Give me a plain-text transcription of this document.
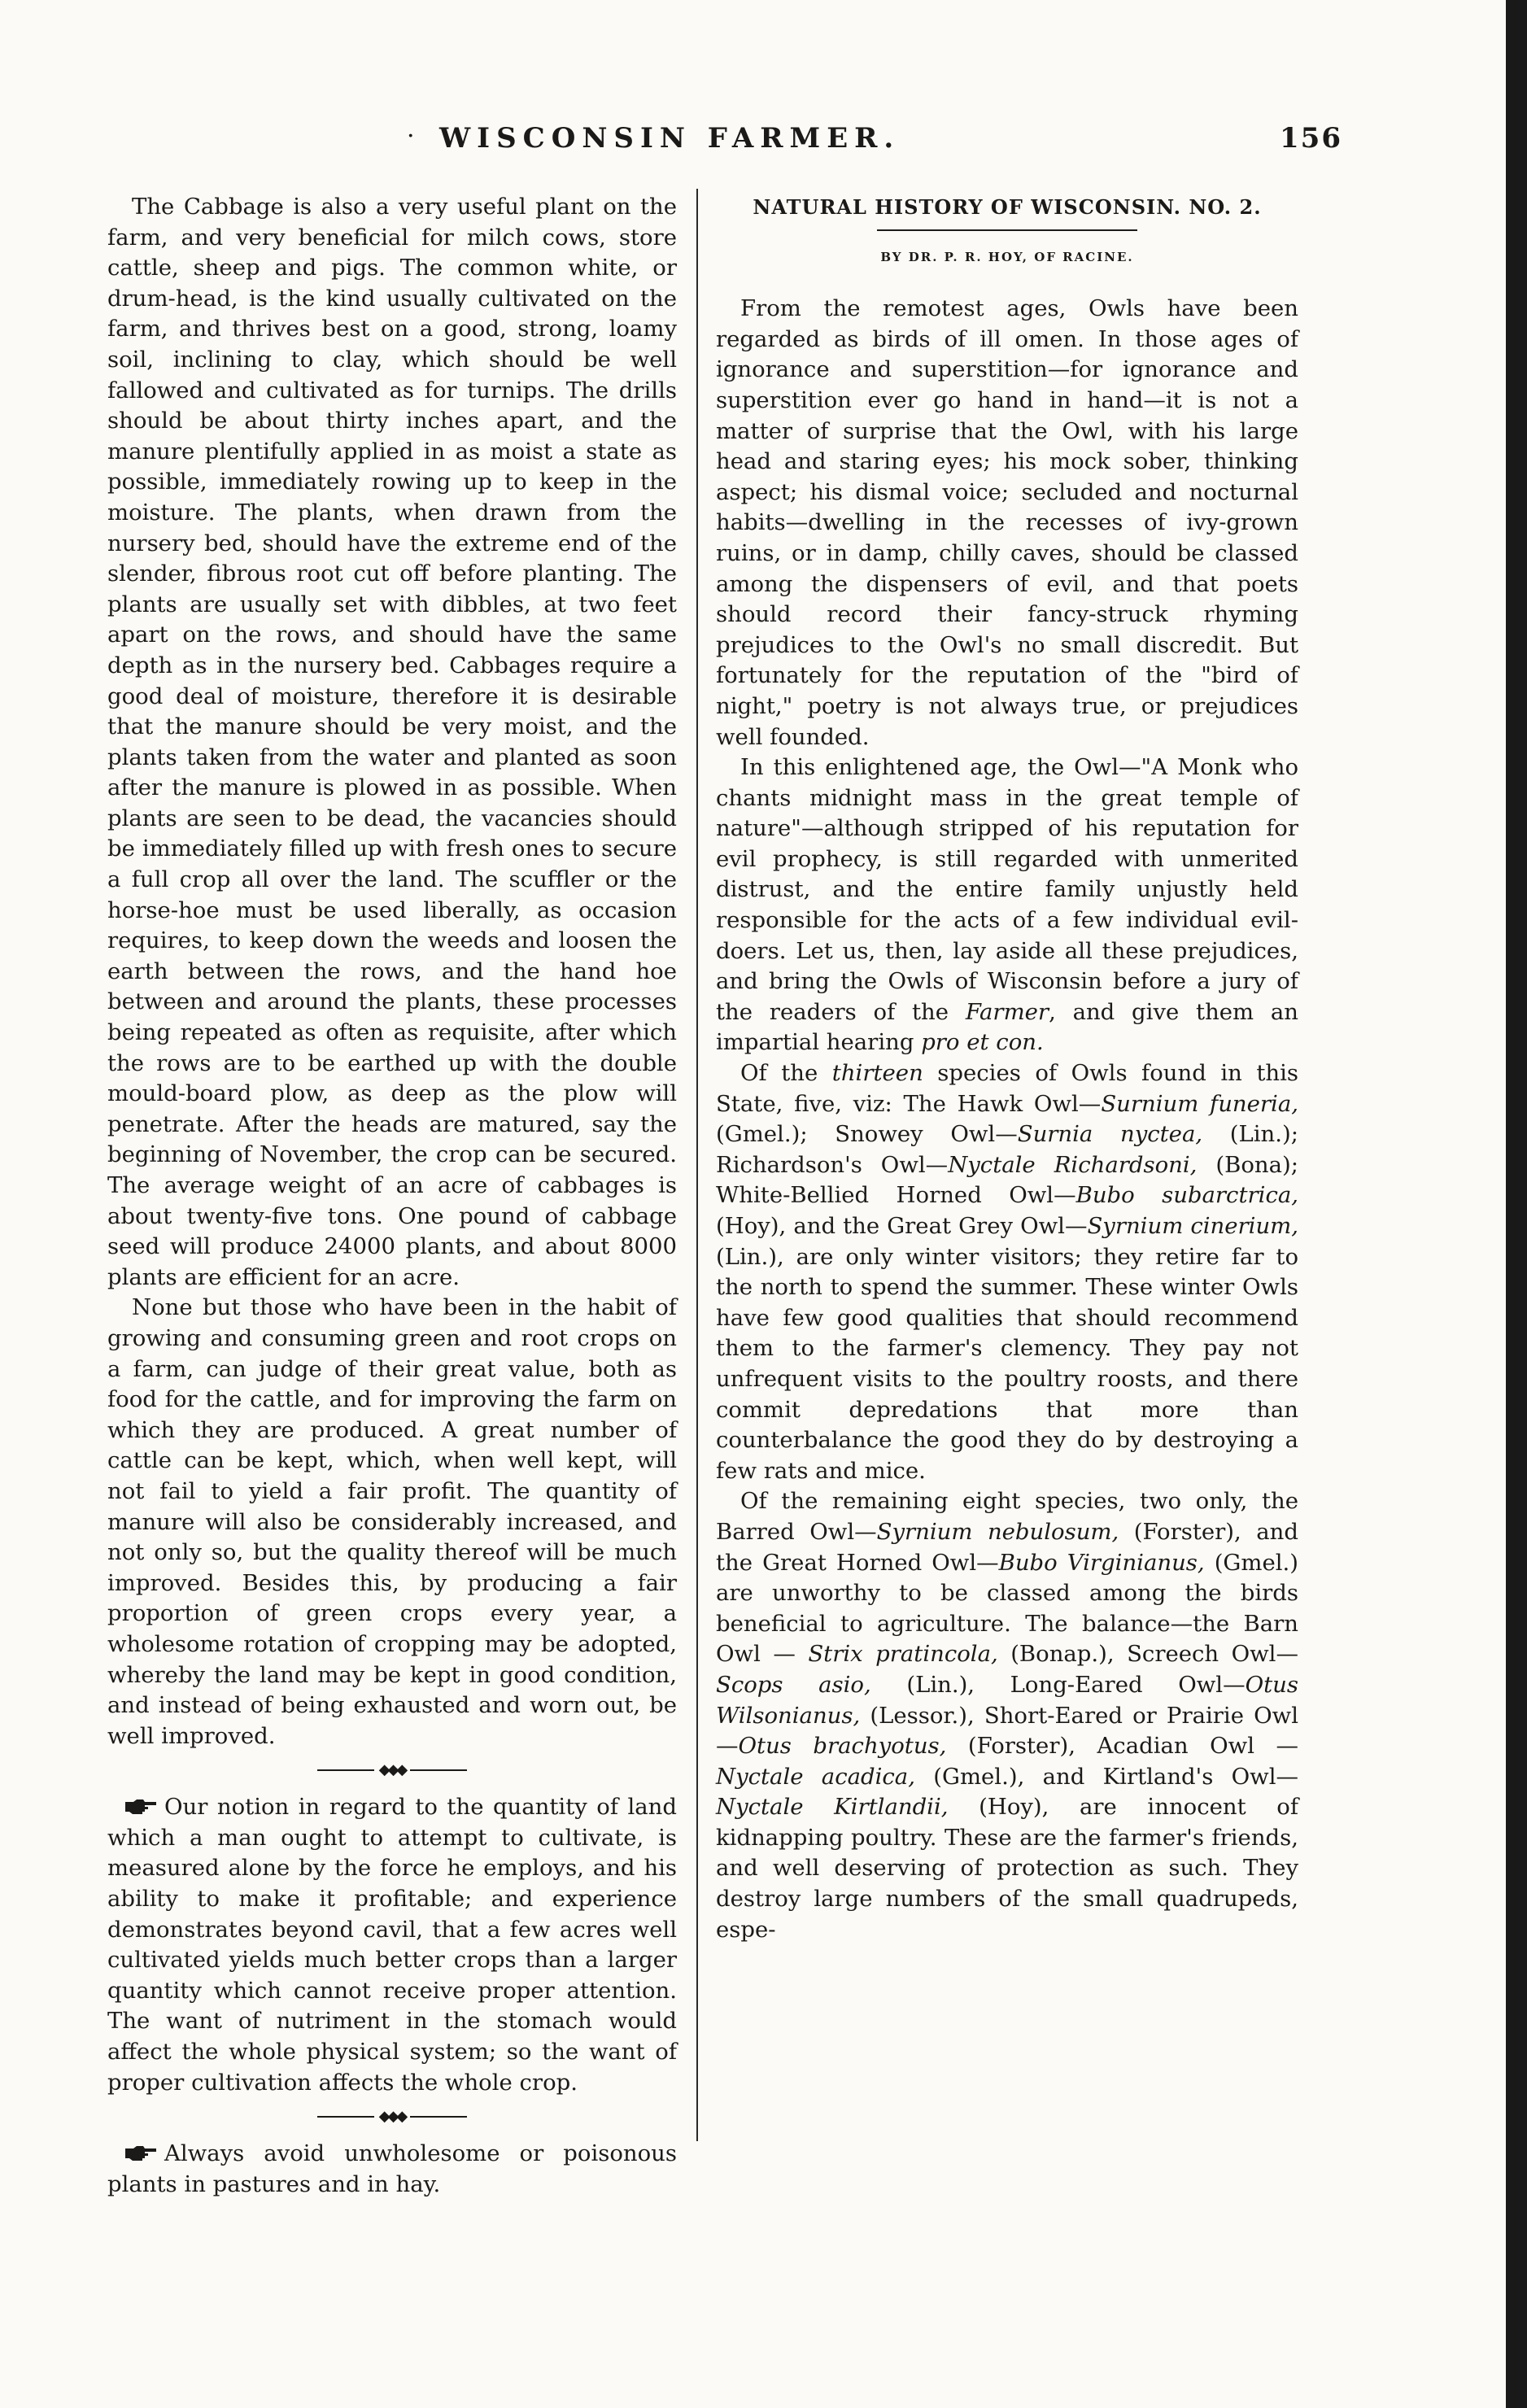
· WISCONSIN FARMER.	156

The Cabbage is also a very useful plant on the farm, and very beneficial for milch cows, store cattle, sheep and pigs. The common white, or drum-head, is the kind usually cultivated on the farm, and thrives best on a good, strong, loamy soil, inclining to clay, which should be well fallowed and cultivated as for turnips. The drills should be about thirty inches apart, and the manure plentifully applied in as moist a state as possible, immediately rowing up to keep in the moisture. The plants, when drawn from the nursery bed, should have the extreme end of the slender, fibrous root cut off before planting. The plants are usually set with dibbles, at two feet apart on the rows, and should have the same depth as in the nursery bed. Cabbages require a good deal of moisture, therefore it is desirable that the manure should be very moist, and the plants taken from the water and planted as soon after the manure is plowed in as possible. When plants are seen to be dead, the vacancies should be immediately filled up with fresh ones to secure a full crop all over the land. The scuffler or the horse-hoe must be used liberally, as occasion requires, to keep down the weeds and loosen the earth between the rows, and the hand hoe between and around the plants, these processes being repeated as often as requisite, after which the rows are to be earthed up with the double mould-board plow, as deep as the plow will penetrate. After the heads are matured, say the beginning of November, the crop can be secured. The average weight of an acre of cabbages is about twenty-five tons. One pound of cabbage seed will produce 24000 plants, and about 8000 plants are efficient for an acre.

None but those who have been in the habit of growing and consuming green and root crops on a farm, can judge of their great value, both as food for the cattle, and for improving the farm on which they are produced. A great number of cattle can be kept, which, when well kept, will not fail to yield a fair profit. The quantity of manure will also be considerably increased, and not only so, but the quality thereof will be much improved. Besides this, by producing a fair proportion of green crops every year, a wholesome rotation of cropping may be adopted, whereby the land may be kept in good condition, and instead of being exhausted and worn out, be well improved.

◆◆◆

Our notion in regard to the quantity of land which a man ought to attempt to cultivate, is measured alone by the force he employs, and his ability to make it profitable; and experience demonstrates beyond cavil, that a few acres well cultivated yields much better crops than a larger quantity which cannot receive proper attention. The want of nutriment in the stomach would affect the whole physical system; so the want of proper cultivation affects the whole crop.

◆◆◆

Always avoid unwholesome or poisonous plants in pastures and in hay.

NATURAL HISTORY OF WISCONSIN. NO. 2.
BY DR. P. R. HOY, OF RACINE.

From the remotest ages, Owls have been regarded as birds of ill omen. In those ages of ignorance and superstition—for ignorance and superstition ever go hand in hand—it is not a matter of surprise that the Owl, with his large head and staring eyes; his mock sober, thinking aspect; his dismal voice; secluded and nocturnal habits—dwelling in the recesses of ivy-grown ruins, or in damp, chilly caves, should be classed among the dispensers of evil, and that poets should record their fancy-struck rhyming prejudices to the Owl's no small discredit. But fortunately for the reputation of the "bird of night," poetry is not always true, or prejudices well founded.

In this enlightened age, the Owl—"A Monk who chants midnight mass in the great temple of nature"—although stripped of his reputation for evil prophecy, is still regarded with unmerited distrust, and the entire family unjustly held responsible for the acts of a few individual evil-doers. Let us, then, lay aside all these prejudices, and bring the Owls of Wisconsin before a jury of the readers of the Farmer, and give them an impartial hearing pro et con.

Of the thirteen species of Owls found in this State, five, viz: The Hawk Owl—Surnium funeria, (Gmel.); Snowey Owl—Surnia nyctea, (Lin.); Richardson's Owl—Nyctale Richardsoni, (Bona); White-Bellied Horned Owl—Bubo subarctrica, (Hoy), and the Great Grey Owl—Syrnium cinerium, (Lin.), are only winter visitors; they retire far to the north to spend the summer. These winter Owls have few good qualities that should recommend them to the farmer's clemency. They pay not unfrequent visits to the poultry roosts, and there commit depredations that more than counterbalance the good they do by destroying a few rats and mice.

Of the remaining eight species, two only, the Barred Owl—Syrnium nebulosum, (Forster), and the Great Horned Owl—Bubo Virginianus, (Gmel.) are unworthy to be classed among the birds beneficial to agriculture. The balance—the Barn Owl — Strix pratincola, (Bonap.), Screech Owl—Scops asio, (Lin.), Long-Eared Owl—Otus Wilsonianus, (Lessor.), Short-Eared or Prairie Owl—Otus brachyotus, (Forster), Acadian Owl — Nyctale acadica, (Gmel.), and Kirtland's Owl—Nyctale Kirtlandii, (Hoy), are innocent of kidnapping poultry. These are the farmer's friends, and well deserving of protection as such. They destroy large numbers of the small quadrupeds, espe-
